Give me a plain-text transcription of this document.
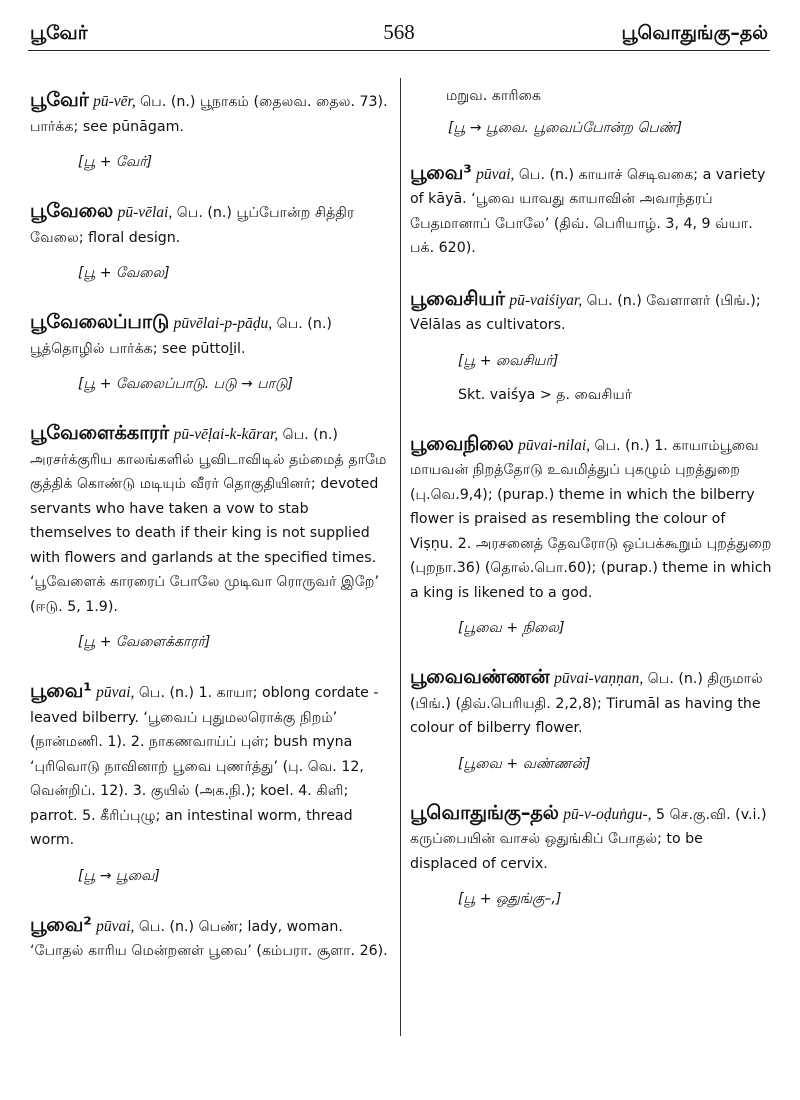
பூவேர்	568	பூவொதுங்கு–தல்
பூவேர் pū-vēr, பெ. (n.) பூநாகம் (தைலவ. தைல. 73). பார்க்க; see pūnāgam.
[பூ + வேர்]
பூவேலை pū-vēlai, பெ. (n.) பூப்போன்ற சித்திர வேலை; floral design.
[பூ + வேலை]
பூவேலைப்பாடு pūvēlai-p-pāḍu, பெ. (n.) பூத்தொழில் பார்க்க; see pūttoḻil.
[பூ + வேலைப்பாடு. படு → பாடு]
பூவேளைக்காரர் pū-vēḷai-k-kārar, பெ. (n.) அரசர்க்குரிய காலங்களில் பூவிடாவிடில் தம்மைத் தாமே குத்திக் கொண்டு மடியும் வீரர் தொகுதியினர்; devoted servants who have taken a vow to stab themselves to death if their king is not supplied with flowers and garlands at the specified times. ‘பூவேளைக் காரரைப் போலே முடிவா ரொருவர் இறே’ (ஈடு. 5, 1.9).
[பூ + வேளைக்காரர்]
பூவை¹ pūvai, பெ. (n.) 1. காயா; oblong cordate - leaved bilberry. ‘பூவைப் புதுமலரொக்கு நிறம்’ (நான்மணி. 1). 2. நாகணவாய்ப் புள்; bush myna ‘புரிவொடு நாவினாற் பூவை புணர்த்து’ (பு. வெ. 12, வென்றிப். 12). 3. குயில் (அக.நி.); koel. 4. கிளி; parrot. 5. கீரிப்புழு; an intestinal worm, thread worm.
[பூ → பூவை]
பூவை² pūvai, பெ. (n.) பெண்; lady, woman. ‘போதல் காரிய மென்றனள் பூவை’ (கம்பரா. சூளா. 26).
மறுவ. காரிகை
[பூ → பூவை. பூவைப்போன்ற பெண்]
பூவை³ pūvai, பெ. (n.) காயாச் செடிவகை; a variety of kāyā. ‘பூவை யாவது காயாவின் அவாந்தரப் பேதமானாப் போலே’ (திவ். பெரியாழ். 3, 4, 9 வ்யா. பக். 620).
பூவைசியர் pū-vaiśiyar, பெ. (n.) வேளாளர் (பிங்.); Vēlālas as cultivators.
[பூ + வைசியர்]
Skt. vaiśya > த. வைசியர்
பூவைநிலை pūvai-nilai, பெ. (n.) 1. காயாம்பூவை மாயவன் நிறத்தோடு உவமித்துப் புகழும் புறத்துறை (பு.வெ.9,4); (purap.) theme in which the bilberry flower is praised as resembling the colour of Viṣṇu. 2. அரசனைத் தேவரோடு ஒப்பக்கூறும் புறத்துறை (புறநா.36) (தொல்.பொ.60); (purap.) theme in which a king is likened to a god.
[பூவை + நிலை]
பூவைவண்ணன் pūvai-vaṇṇan, பெ. (n.) திருமால் (பிங்.) (திவ்.பெரியதி. 2,2,8); Tirumāl as having the colour of bilberry flower.
[பூவை + வண்ணன்]
பூவொதுங்கு–தல் pū-v-oḍuṅgu-, 5 செ.கு.வி. (v.i.) கருப்பையின் வாசல் ஒதுங்கிப் போதல்; to be displaced of cervix.
[பூ + ஒதுங்கு–,]
